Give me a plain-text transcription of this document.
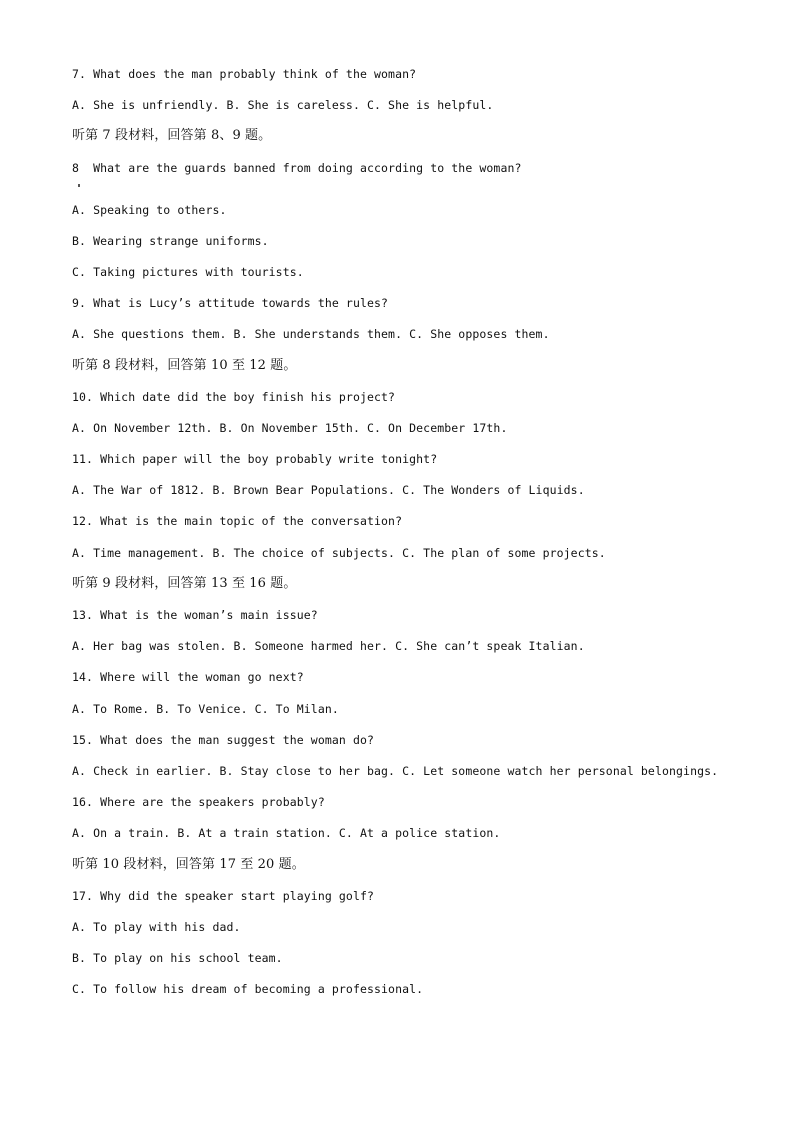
7. What does the man probably think of the woman?
A. She is unfriendly. B. She is careless. C. She is helpful.
听第 7 段材料，回答第 8、9 题。
8  What are the guards banned from doing according to the woman?
A. Speaking to others.
B. Wearing strange uniforms.
C. Taking pictures with tourists.
9. What is Lucy’s attitude towards the rules?
A. She questions them. B. She understands them. C. She opposes them.
听第 8 段材料，回答第 10 至 12 题。
10. Which date did the boy finish his project?
A. On November 12th. B. On November 15th. C. On December 17th.
11. Which paper will the boy probably write tonight?
A. The War of 1812. B. Brown Bear Populations. C. The Wonders of Liquids.
12. What is the main topic of the conversation?
A. Time management. B. The choice of subjects. C. The plan of some projects.
听第 9 段材料，回答第 13 至 16 题。
13. What is the woman’s main issue?
A. Her bag was stolen. B. Someone harmed her. C. She can’t speak Italian.
14. Where will the woman go next?
A. To Rome. B. To Venice. C. To Milan.
15. What does the man suggest the woman do?
A. Check in earlier. B. Stay close to her bag. C. Let someone watch her personal belongings.
16. Where are the speakers probably?
A. On a train. B. At a train station. C. At a police station.
听第 10 段材料，回答第 17 至 20 题。
17. Why did the speaker start playing golf?
A. To play with his dad.
B. To play on his school team.
C. To follow his dream of becoming a professional.
